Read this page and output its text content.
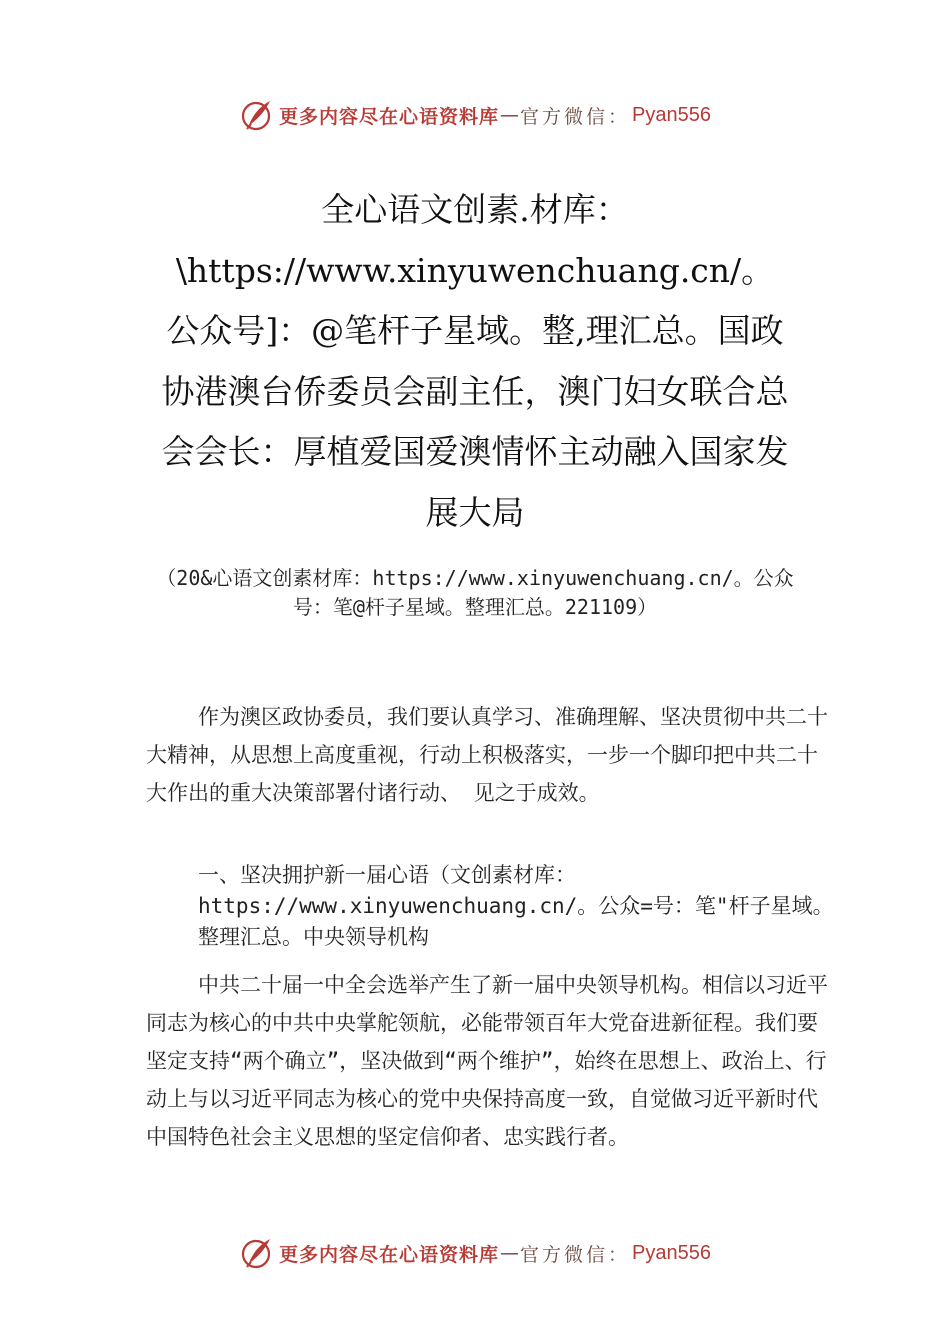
更多内容尽在心语资料库 — 官方微信： Pyan556
全心语文创素.材库：\https://www.xinyuwenchuang.cn/。公众号]：@笔杆子星域。整,理汇总。国政协港澳台侨委员会副主任，澳门妇女联合总会会长：厚植爱国爱澳情怀主动融入国家发展大局
（20&心语文创素材库：https://www.xinyuwenchuang.cn/。公众号：笔@杆子星域。整理汇总。221109）
作为澳区政协委员，我们要认真学习、准确理解、坚决贯彻中共二十大精神，从思想上高度重视，行动上积极落实，一步一个脚印把中共二十大作出的重大决策部署付诸行动、 见之于成效。
一、坚决拥护新一届心语（文创素材库：https://www.xinyuwenchuang.cn/。公众=号：笔"杆子星域。整理汇总。中央领导机构
中共二十届一中全会选举产生了新一届中央领导机构。相信以习近平同志为核心的中共中央掌舵领航，必能带领百年大党奋进新征程。我们要坚定支持“两个确立”，坚决做到“两个维护”，始终在思想上、政治上、行动上与以习近平同志为核心的党中央保持高度一致，自觉做习近平新时代中国特色社会主义思想的坚定信仰者、忠实践行者。
更多内容尽在心语资料库 — 官方微信： Pyan556
